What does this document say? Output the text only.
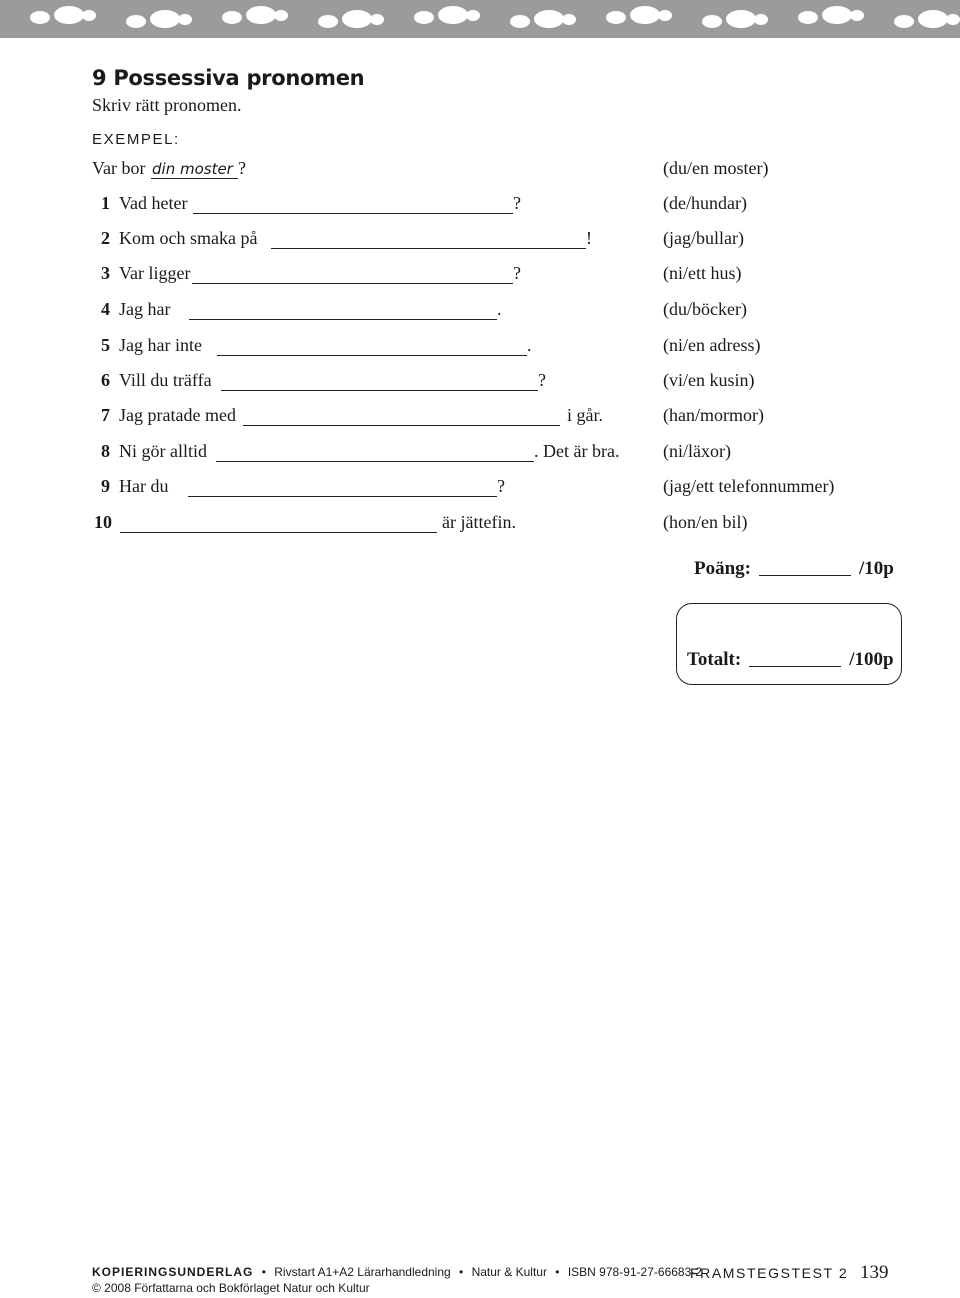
9 Possessiva pronomen
Skriv rätt pronomen.
EXEMPEL:
Var bor din moster ?	(du/en moster)
1 Vad heter	?	(de/hundar)
2 Kom och smaka på	!	(jag/bullar)
3 Var ligger	?	(ni/ett hus)
4 Jag har	.	(du/böcker)
5 Jag har inte	.	(ni/en adress)
6 Vill du träffa	?	(vi/en kusin)
7 Jag pratade med	i går.	(han/mormor)
8 Ni gör alltid	. Det är bra. (ni/läxor)
9 Har du	?	(jag/ett telefonnummer)
10	är jättefin.	(hon/en bil)
Poäng:	/10p
Totalt:	/100p
KOPIERINGSUNDERLAG • Rivstart A1+A2 Lärarhandledning • Natur & Kultur • ISBN 978-91-27-66683-2
© 2008 Författarna och Bokförlaget Natur och Kultur
FRAMSTEGSTEST 2 139
